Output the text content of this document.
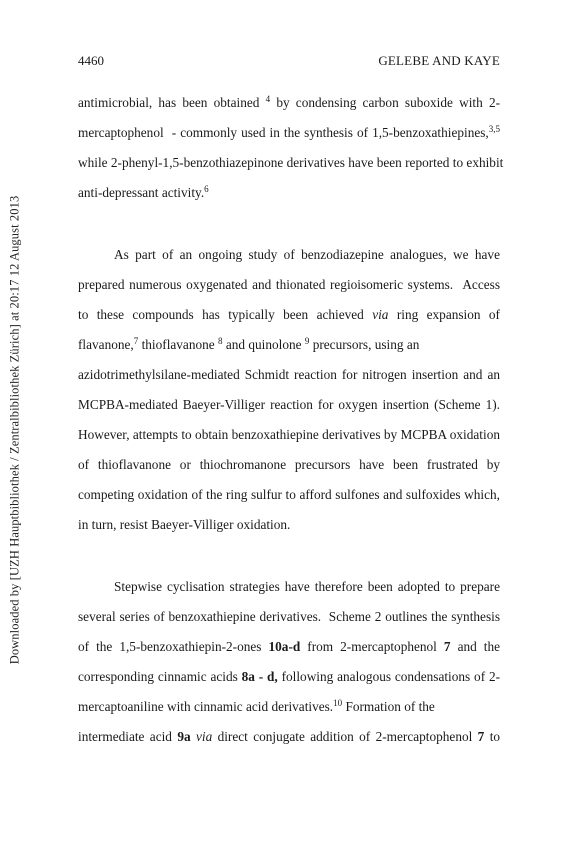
Downloaded by [UZH Hauptbibliothek / Zentralbibliothek Zürich] at 20:17 12 August 2013
4460	GELEBE AND KAYE
antimicrobial, has been obtained $^4$ by condensing carbon suboxide with 2-
mercaptophenol  - commonly used in the synthesis of 1,5-benzoxathiepines,$^{3,5}$
while 2-phenyl-1,5-benzothiazepinone derivatives have been reported to exhibit
anti-depressant activity.$^6$
As part of an ongoing study of benzodiazepine analogues, we have
prepared numerous oxygenated and thionated regioisomeric systems.  Access
to these compounds has typically been achieved via ring expansion of
flavanone,$^7$ thioflavanone $^8$ and quinolone $^9$ precursors, using an
azidotrimethylsilane-mediated Schmidt reaction for nitrogen insertion and an
MCPBA-mediated Baeyer-Villiger reaction for oxygen insertion (Scheme 1).
However, attempts to obtain benzoxathiepine derivatives by MCPBA oxidation
of thioflavanone or thiochromanone precursors have been frustrated by
competing oxidation of the ring sulfur to afford sulfones and sulfoxides which,
in turn, resist Baeyer-Villiger oxidation.
Stepwise cyclisation strategies have therefore been adopted to prepare
several series of benzoxathiepine derivatives.  Scheme 2 outlines the synthesis
of the 1,5-benzoxathiepin-2-ones 10a-d from 2-mercaptophenol 7 and the
corresponding cinnamic acids 8a - d, following analogous condensations of 2-
mercaptoaniline with cinnamic acid derivatives.$^{10}$ Formation of the
intermediate acid 9a via direct conjugate addition of 2-mercaptophenol 7 to
